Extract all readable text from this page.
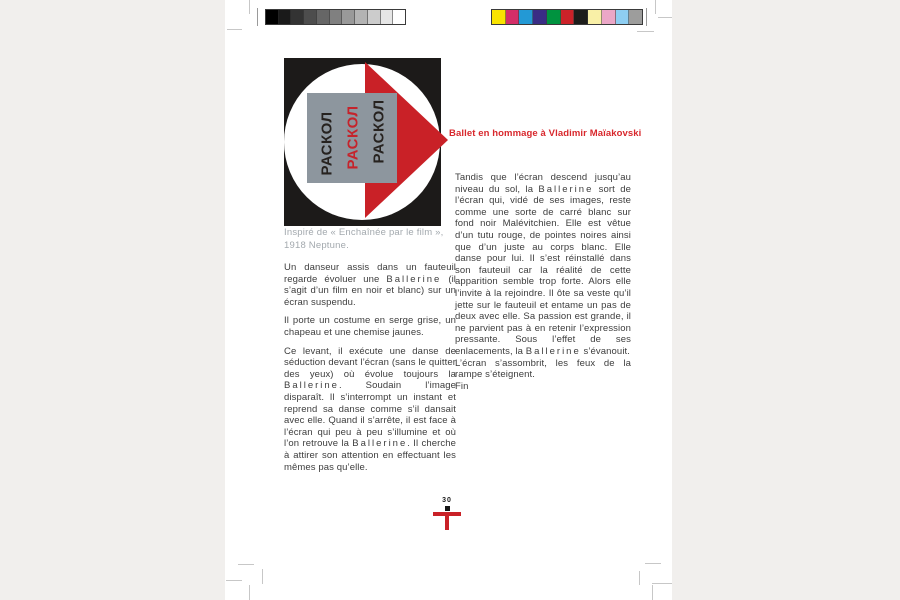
РАСКОЛ РАСКОЛ РАСКОЛ	Ballet en hommage à Vladimir Maïakovski
Inspiré de « Enchaînée par le film »,
1918 Neptune.

Un danseur assis dans un fauteuil regarde évoluer une Ballerine (il s’agit d’un film en noir et blanc) sur un écran suspendu.

Il porte un costume en serge grise, un chapeau et une chemise jaunes.

Ce levant, il exécute une danse de séduction devant l’écran (sans le quitter des yeux) où évolue toujours la Ballerine. Soudain l’image disparaît. Il s’interrompt un instant et reprend sa danse comme s’il dansait avec elle. Quand il s’arrête, il est face à l’écran qui peu à peu s’illumine et où l’on retrouve la Ballerine. Il cherche à attirer son attention en effectuant les mêmes pas qu’elle.

Tandis que l’écran descend jusqu’au niveau du sol, la Ballerine sort de l’écran qui, vidé de ses images, reste comme une sorte de carré blanc sur fond noir Malévitchien. Elle est vêtue d’un tutu rouge, de pointes noires ainsi que d’un juste au corps blanc. Elle danse pour lui. Il s’est réinstallé dans son fauteuil car la réalité de cette apparition semble trop forte. Alors elle l’invite à la rejoindre. Il ôte sa veste qu’il jette sur le fauteuil et entame un pas de deux avec elle. Sa passion est grande, il ne parvient pas à en retenir l’expression pressante. Sous l’effet de ses enlacements, la Ballerine s’évanouit.

L’écran s’assombrit, les feux de la rampe s’éteignent.

Fin

30
